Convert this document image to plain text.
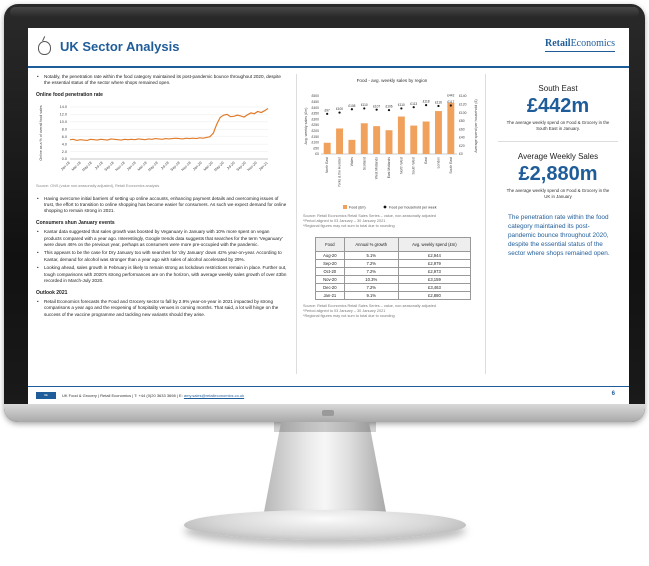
UK Sector Analysis	RetailEconomics
• Notably, the penetration rate within the food category maintained its post-pandemic bounce throughout 2020, despite the essential status of the sector where shops remained open.
Online food penetration rate
Online as a % of overall food sales	0.0
2.0
4.0
6.0
8.0
10.0
12.0
14.0
Jan-18 Mar-18 May-18 Jul-18 Sep-18 Nov-18 Jan-19 Mar-19 May-19 Jul-19 Sep-19 Nov-19 Jan-20 Mar-20 May-20 Jul-20 Sep-20 Nov-20 Jan-21
Source: ONS (value non-seasonally adjusted), Retail Economics analysis
• Having overcome initial barriers of setting up online accounts, enhancing payment details and overcoming issues of trust, the effort to transition to online shopping has become easier for consumers. As such we expect demand for online shopping to remain strong in 2021.
Consumers shun January events
• Kantar data suggested that sales growth was boosted by Veganuary in January with 10% more spent on vegan products compared with a year ago. Interestingly, Google trends data suggests that searches for the term 'Veganuary' were down 46% on the previous year, perhaps as consumers were more pre-occupied with the pandemic.
• This appears to be the case for Dry January too with searches for 'dry January' down 42% year-on-year. According to Kantar, demand for alcohol was stronger than a year ago with sales of alcohol accelerated by 29%.
• Looking ahead, sales growth in February is likely to remain strong as lockdown restrictions remain in place. Further out, tough comparisons with 2020's strong performances are on the horizon, with average weekly sales growth of over £3bn recorded in March-July 2020.
Outlook 2021
• Retail Economics forecasts the Food and Grocery sector to fall by 2.9% year-on-year in 2021 impacted by strong comparisons a year ago and the reopening of hospitality venues in coming months. That said, a lot will hinge on the success of the vaccine programme and tackling new variants should they arise.
Food - avg. weekly sales by region
Avg. weekly sales (£m)	Average spend per household (£)
£0
£50
£100
£150
£200
£250
£300
£350
£400
£450
£500
£0
£20
£40
£60
£80
£100
£120
£140
£97
North East
£100
Yorks & the Humber
£108
Wales
£110
Scotland
£107
West Midlands
£106
East Midlands
£110
North West
£113
South West
£118
East
£116
London
£442
£117
South East
Food (£m)	Food per household per week
Source: Retail Economics Retail Sales Series – value, non-seasonally adjusted
*Period aligned to 03 January – 30 January 2021
*Regional figures may not sum to total due to rounding
Food	Annual % growth	Avg. weekly spend (£m)
Aug-20	5.1%	£2,944
Sep-20	7.2%	£2,979
Oct-20	7.2%	£2,973
Nov-20	10.3%	£3,159
Dec-20	7.2%	£3,463
Jan-21	9.1%	£2,880
Source: Retail Economics Retail Sales Series – value, non-seasonally adjusted
*Period aligned to 03 January – 30 January 2021
*Regional figures may not sum to total due to rounding
South East
£442m
The average weekly spend on Food & Grocery in the South East in January.
Average Weekly Sales
£2,880m
The average weekly spend on Food & Grocery in the UK in January
The penetration rate within the food category maintained its post-pandemic bounce throughout 2020, despite the essential status of the sector where shops remained open.
RE	UK Food & Grocery | Retail Economics | T: +44 (0)20 3633 3698 | E: amy.sales@retaileconomics.co.uk	6
